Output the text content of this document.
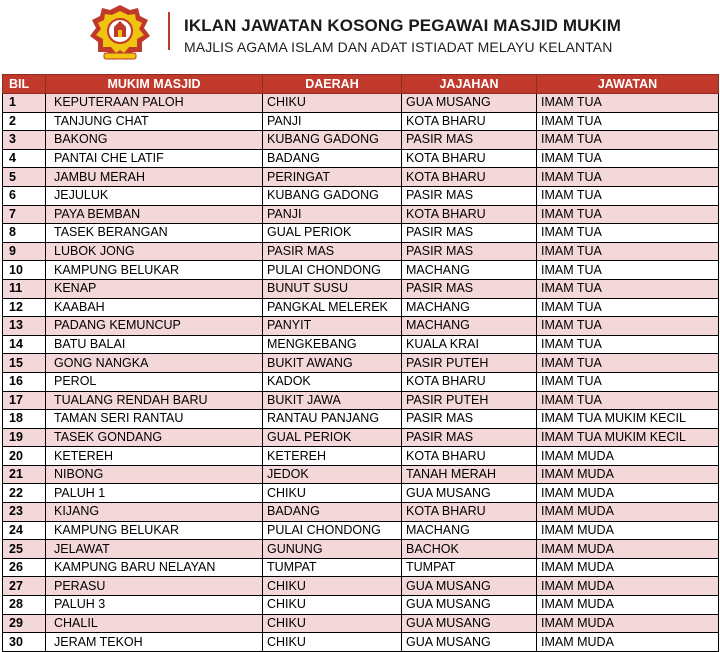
IKLAN JAWATAN KOSONG PEGAWAI MASJID MUKIM
MAJLIS AGAMA ISLAM DAN ADAT ISTIADAT MELAYU KELANTAN
BIL	MUKIM MASJID	DAERAH	JAJAHAN	JAWATAN
1	KEPUTERAAN PALOH	CHIKU	GUA MUSANG	IMAM TUA
2	TANJUNG CHAT	PANJI	KOTA BHARU	IMAM TUA
3	BAKONG	KUBANG GADONG	PASIR MAS	IMAM TUA
4	PANTAI CHE LATIF	BADANG	KOTA BHARU	IMAM TUA
5	JAMBU MERAH	PERINGAT	KOTA BHARU	IMAM TUA
6	JEJULUK	KUBANG GADONG	PASIR MAS	IMAM TUA
7	PAYA BEMBAN	PANJI	KOTA BHARU	IMAM TUA
8	TASEK BERANGAN	GUAL PERIOK	PASIR MAS	IMAM TUA
9	LUBOK JONG	PASIR MAS	PASIR MAS	IMAM TUA
10	KAMPUNG BELUKAR	PULAI CHONDONG	MACHANG	IMAM TUA
11	KENAP	BUNUT SUSU	PASIR MAS	IMAM TUA
12	KAABAH	PANGKAL MELEREK	MACHANG	IMAM TUA
13	PADANG KEMUNCUP	PANYIT	MACHANG	IMAM TUA
14	BATU BALAI	MENGKEBANG	KUALA KRAI	IMAM TUA
15	GONG NANGKA	BUKIT AWANG	PASIR PUTEH	IMAM TUA
16	PEROL	KADOK	KOTA BHARU	IMAM TUA
17	TUALANG RENDAH BARU	BUKIT JAWA	PASIR PUTEH	IMAM TUA
18	TAMAN SERI RANTAU	RANTAU PANJANG	PASIR MAS	IMAM TUA MUKIM KECIL
19	TASEK GONDANG	GUAL PERIOK	PASIR MAS	IMAM TUA MUKIM KECIL
20	KETEREH	KETEREH	KOTA BHARU	IMAM MUDA
21	NIBONG	JEDOK	TANAH MERAH	IMAM MUDA
22	PALUH 1	CHIKU	GUA MUSANG	IMAM MUDA
23	KIJANG	BADANG	KOTA BHARU	IMAM MUDA
24	KAMPUNG BELUKAR	PULAI CHONDONG	MACHANG	IMAM MUDA
25	JELAWAT	GUNUNG	BACHOK	IMAM MUDA
26	KAMPUNG BARU NELAYAN	TUMPAT	TUMPAT	IMAM MUDA
27	PERASU	CHIKU	GUA MUSANG	IMAM MUDA
28	PALUH 3	CHIKU	GUA MUSANG	IMAM MUDA
29	CHALIL	CHIKU	GUA MUSANG	IMAM MUDA
30	JERAM TEKOH	CHIKU	GUA MUSANG	IMAM MUDA
